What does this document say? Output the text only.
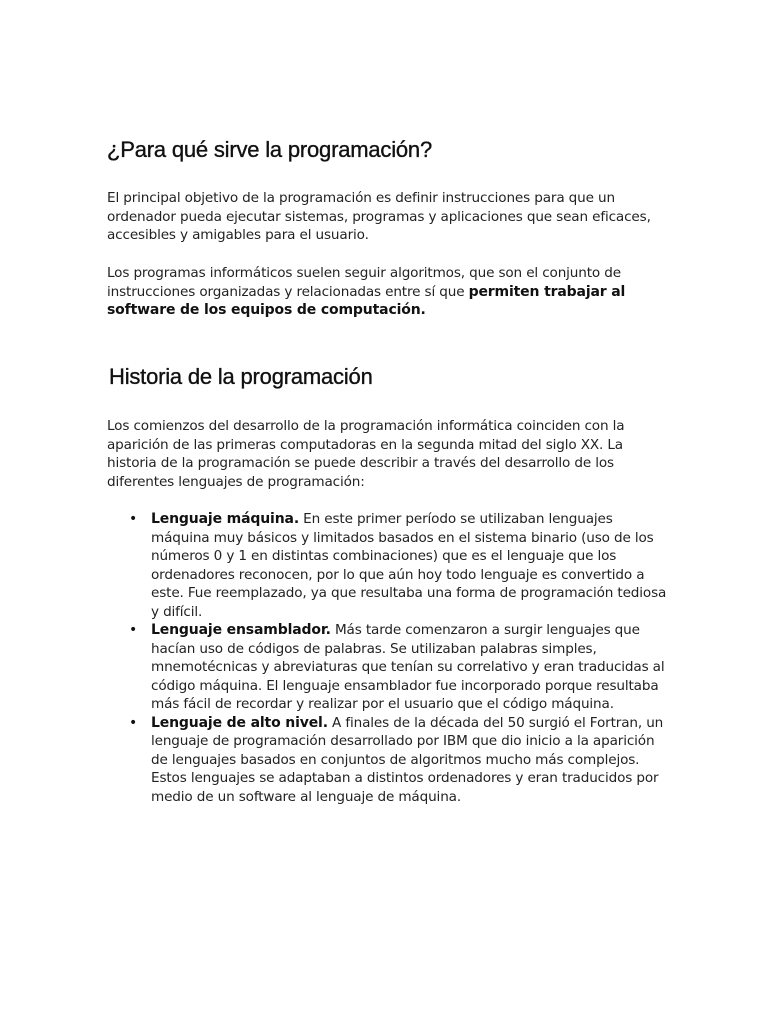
¿Para qué sirve la programación?

El principal objetivo de la programación es definir instrucciones para que un ordenador pueda ejecutar sistemas, programas y aplicaciones que sean eficaces, accesibles y amigables para el usuario.

Los programas informáticos suelen seguir algoritmos, que son el conjunto de instrucciones organizadas y relacionadas entre sí que permiten trabajar al software de los equipos de computación.

Historia de la programación

Los comienzos del desarrollo de la programación informática coinciden con la aparición de las primeras computadoras en la segunda mitad del siglo XX. La historia de la programación se puede describir a través del desarrollo de los diferentes lenguajes de programación:

• Lenguaje máquina. En este primer período se utilizaban lenguajes máquina muy básicos y limitados basados en el sistema binario (uso de los números 0 y 1 en distintas combinaciones) que es el lenguaje que los ordenadores reconocen, por lo que aún hoy todo lenguaje es convertido a este. Fue reemplazado, ya que resultaba una forma de programación tediosa y difícil.
• Lenguaje ensamblador. Más tarde comenzaron a surgir lenguajes que hacían uso de códigos de palabras. Se utilizaban palabras simples, mnemotécnicas y abreviaturas que tenían su correlativo y eran traducidas al código máquina. El lenguaje ensamblador fue incorporado porque resultaba más fácil de recordar y realizar por el usuario que el código máquina.
• Lenguaje de alto nivel. A finales de la década del 50 surgió el Fortran, un lenguaje de programación desarrollado por IBM que dio inicio a la aparición de lenguajes basados en conjuntos de algoritmos mucho más complejos. Estos lenguajes se adaptaban a distintos ordenadores y eran traducidos por medio de un software al lenguaje de máquina.
